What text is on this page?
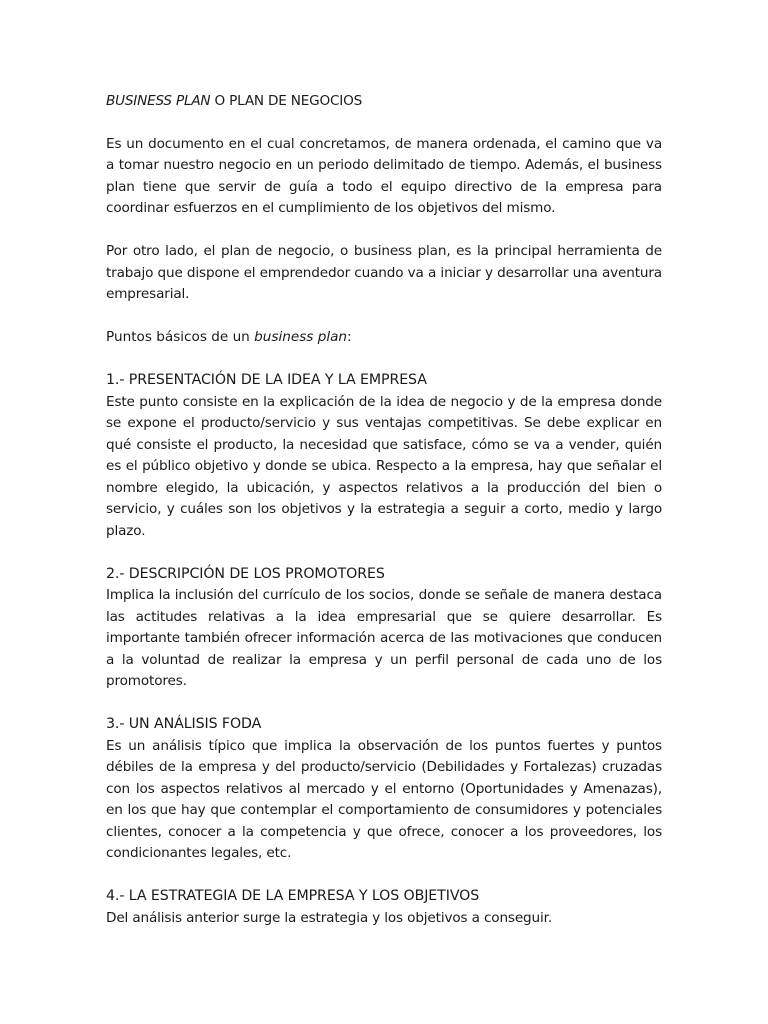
BUSINESS PLAN O PLAN DE NEGOCIOS

Es un documento en el cual concretamos, de manera ordenada, el camino que va a tomar nuestro negocio en un periodo delimitado de tiempo. Además, el business plan tiene que servir de guía a todo el equipo directivo de la empresa para coordinar esfuerzos en el cumplimiento de los objetivos del mismo.

Por otro lado, el plan de negocio, o business plan, es la principal herramienta de trabajo que dispone el emprendedor cuando va a iniciar y desarrollar una aventura empresarial.

Puntos básicos de un business plan:

1.- PRESENTACIÓN DE LA IDEA Y LA EMPRESA

Este punto consiste en la explicación de la idea de negocio y de la empresa donde se expone el producto/servicio y sus ventajas competitivas. Se debe explicar en qué consiste el producto, la necesidad que satisface, cómo se va a vender, quién es el público objetivo y donde se ubica. Respecto a la empresa, hay que señalar el nombre elegido, la ubicación, y aspectos relativos a la producción del bien o servicio, y cuáles son los objetivos y la estrategia a seguir a corto, medio y largo plazo.

2.- DESCRIPCIÓN DE LOS PROMOTORES

Implica la inclusión del currículo de los socios, donde se señale de manera destaca las actitudes relativas a la idea empresarial que se quiere desarrollar. Es importante también ofrecer información acerca de las motivaciones que conducen a la voluntad de realizar la empresa y un perfil personal de cada uno de los promotores.

3.- UN ANÁLISIS FODA

Es un análisis típico que implica la observación de los puntos fuertes y puntos débiles de la empresa y del producto/servicio (Debilidades y Fortalezas) cruzadas con los aspectos relativos al mercado y el entorno (Oportunidades y Amenazas), en los que hay que contemplar el comportamiento de consumidores y potenciales clientes, conocer a la competencia y que ofrece, conocer a los proveedores, los condicionantes legales, etc.

4.- LA ESTRATEGIA DE LA EMPRESA Y LOS OBJETIVOS

Del análisis anterior surge la estrategia y los objetivos a conseguir.
